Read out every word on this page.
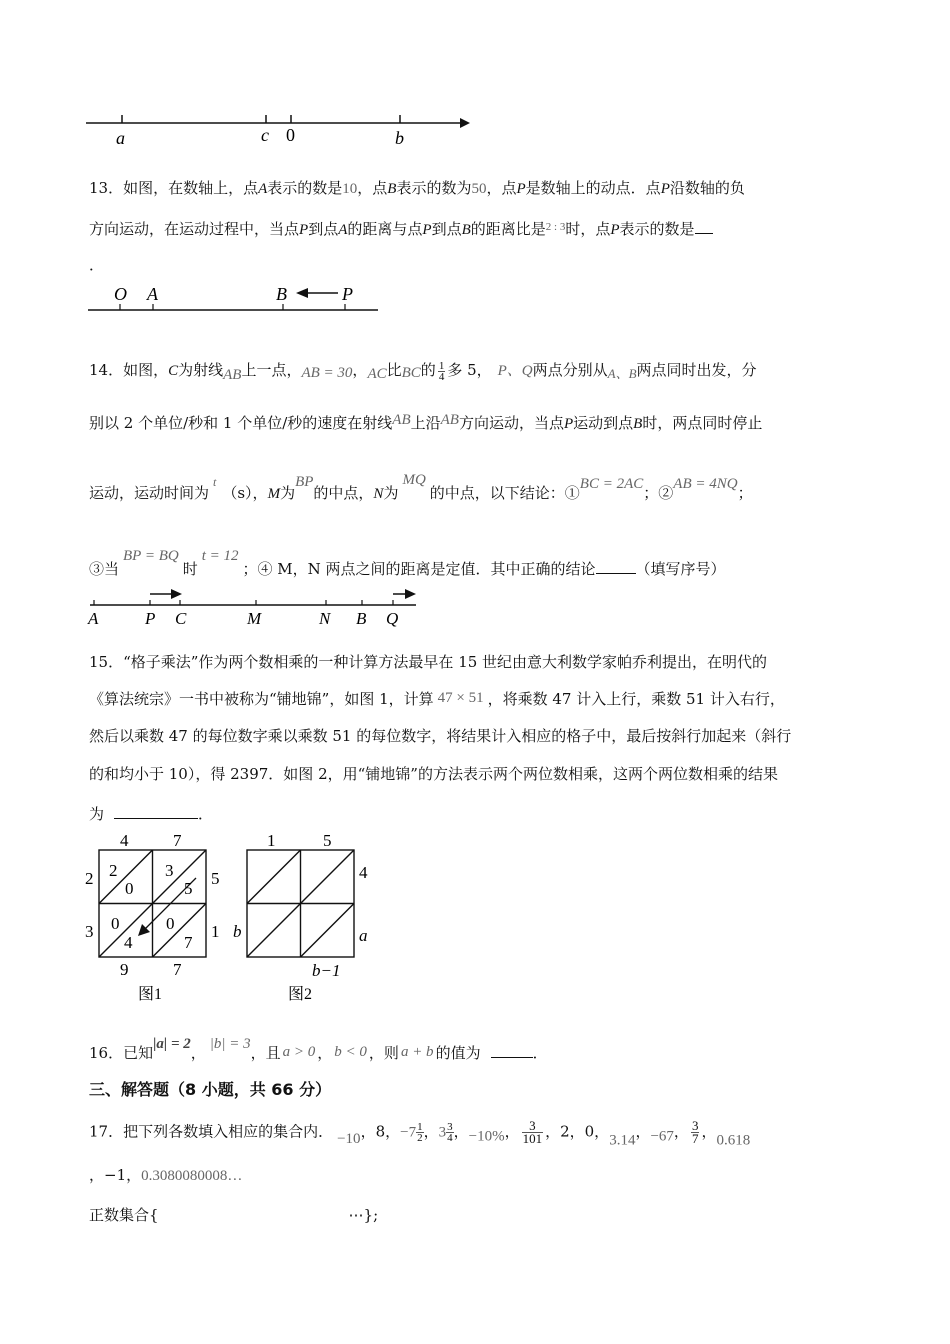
a	c 0	b
13．如图，在数轴上，点A表示的数是10，点B表示的数为50，点P是数轴上的动点．点P沿数轴的负
方向运动，在运动过程中，当点P到点A的距离与点P到点B的距离比是$^{2 : 3}$时，点P表示的数是
．
O A	B	P
14．如图，C为射线AB上一点，AB = 30，AC比BC的 $\frac{1}{4}$ 多 5， P、Q两点分别从A、B两点同时出发，分
别以 2 个单位/秒和 1 个单位/秒的速度在射线AB上沿AB方向运动，当点P运动到点B时，两点同时停止
运动，运动时间为$^t$（s），M为BP的中点，N为MQ的中点，以下结论：①BC = 2AC；②AB = 4NQ；
③当BP = BQ时t = 12；④ M，N 两点之间的距离是定值．其中正确的结论	（填写序号）
A	P C	M	N B Q
15．“格子乘法”作为两个数相乘的一种计算方法最早在 15 世纪由意大利数学家帕乔利提出，在明代的
《算法统宗》一书中被称为“铺地锦”，如图 1，计算 47 × 51 ，将乘数 47 计入上行，乘数 51 计入右行，
然后以乘数 47 的每位数字乘以乘数 51 的每位数字，将结果计入相应的格子中，最后按斜行加起来（斜行
的和均小于 10），得 2397．如图 2，用“铺地锦”的方法表示两个两位数相乘，这两个两位数相乘的结果
为	．
4	7
2
3
5
1
9	7
2
0
3
5
0
4
0
7
图1
1	5
4
a
b
b−1
图2
16．已知|a| = 2， |b| = 3，且 a > 0 ， b < 0 ，则 a + b 的值为	．
三、解答题（8 小题，共 66 分）
17．把下列各数填入相应的集合内． −10，8，$-7 \frac{1}{2}$ ，$3 \frac{3}{4}$ ，−10%， $\frac{3}{101}$ ，2，0，3.14，−67， $\frac{3}{7}$ ，0.618
，−1，0.3080080008…
正数集合{	⋯};
